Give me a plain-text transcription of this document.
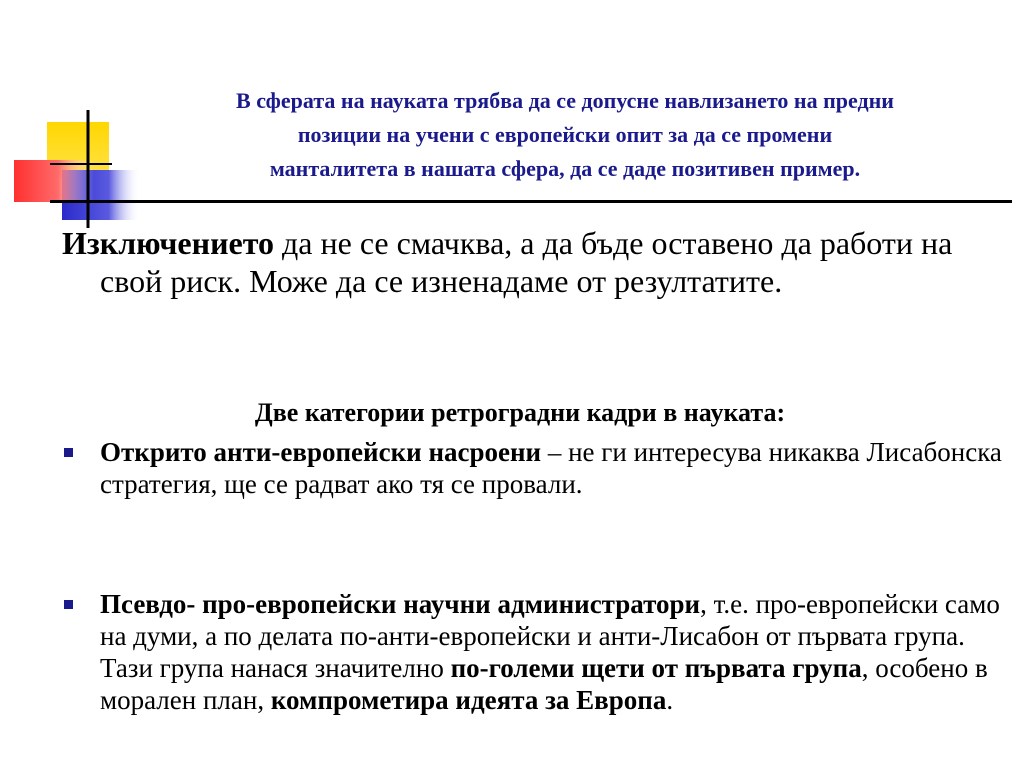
В сферата на науката трябва да се допусне навлизането на предни
позиции на учени с европейски опит за да се промени
манталитета в нашата сфера, да се даде позитивен пример.
Изключението да не се смачква, а да бъде оставено да работи на свой риск. Може да се изненадаме от резултатите.
Две категории ретроградни кадри в науката:
Открито анти-европейски насроени – не ги интересува никаква Лисабонска стратегия, ще се радват ако тя се провали.
Псевдо- про-европейски научни администратори, т.е. про-европейски само на думи, а по делата по-анти-европейски и анти-Лисабон от първата група. Тази група нанася значително по-големи щети от първата група, особено в морален план, компрометира идеята за Европа.
